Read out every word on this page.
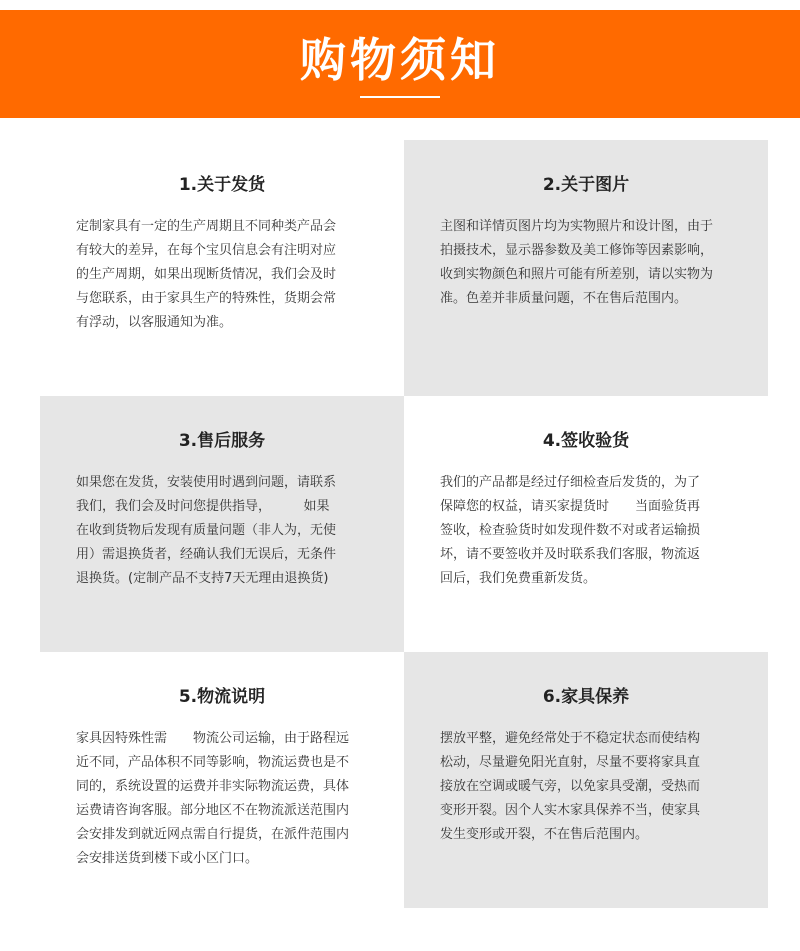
购物须知
1.关于发货

定制家具有一定的生产周期且不同种类产品会
有较大的差异，在每个宝贝信息会有注明对应
的生产周期，如果出现断货情况，我们会及时
与您联系，由于家具生产的特殊性，货期会常
有浮动，以客服通知为准。

2.关于图片

主图和详情页图片均为实物照片和设计图，由于
拍摄技术，显示器参数及美工修饰等因素影响，
收到实物颜色和照片可能有所差别，请以实物为
准。色差并非质量问题，不在售后范围内。

3.售后服务

如果您在发货，安装使用时遇到问题，请联系
我们，我们会及时问您提供指导，　　　如果
在收到货物后发现有质量问题（非人为，无使
用）需退换货者，经确认我们无误后，无条件
退换货。(定制产品不支持7天无理由退换货)

4.签收验货

我们的产品都是经过仔细检查后发货的，为了
保障您的权益，请买家提货时　　当面验货再
签收，检查验货时如发现件数不对或者运输损
坏，请不要签收并及时联系我们客服，物流返
回后，我们免费重新发货。

5.物流说明

家具因特殊性需　　物流公司运输，由于路程远
近不同，产品体积不同等影响，物流运费也是不
同的，系统设置的运费并非实际物流运费，具体
运费请咨询客服。部分地区不在物流派送范围内
会安排发到就近网点需自行提货，在派件范围内
会安排送货到楼下或小区门口。

6.家具保养

摆放平整，避免经常处于不稳定状态而使结构
松动，尽量避免阳光直射，尽量不要将家具直
接放在空调或暖气旁，以免家具受潮，受热而
变形开裂。因个人实木家具保养不当，使家具
发生变形或开裂，不在售后范围内。
